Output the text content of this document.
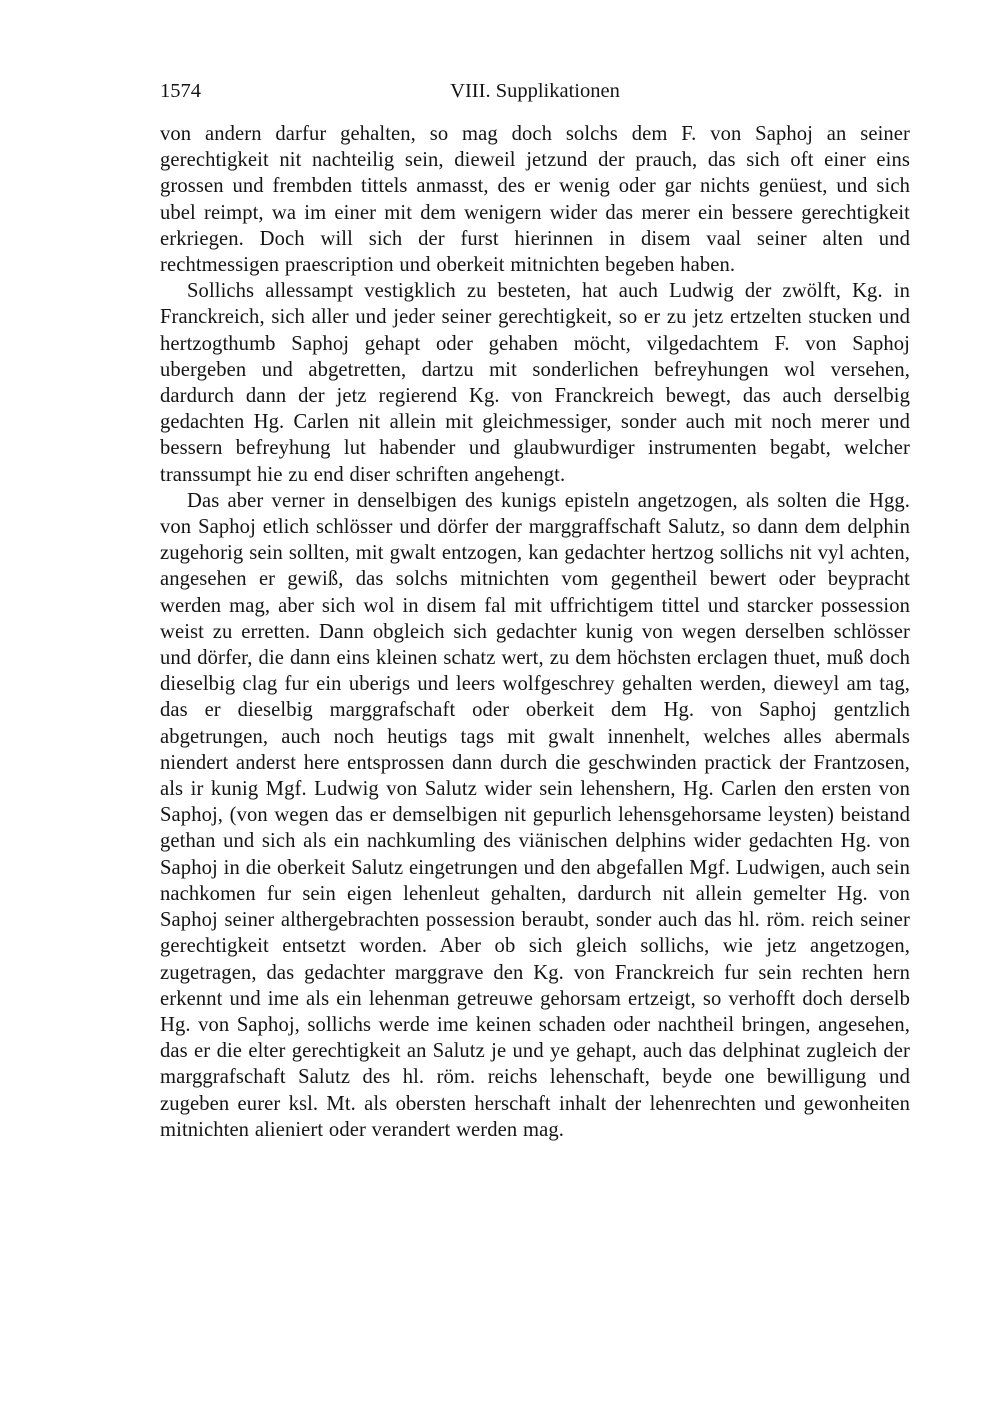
1574	VIII. Supplikationen

von andern darfur gehalten, so mag doch solchs dem F. von Saphoj an seiner gerechtigkeit nit nachteilig sein, dieweil jetzund der prauch, das sich oft einer eins grossen und frembden tittels anmasst, des er wenig oder gar nichts genüest, und sich ubel reimpt, wa im einer mit dem wenigern wider das merer ein bessere gerechtigkeit erkriegen. Doch will sich der furst hierinnen in disem vaal seiner alten und rechtmessigen praescription und oberkeit mitnichten begeben haben.

Sollichs allessampt vestigklich zu besteten, hat auch Ludwig der zwölft, Kg. in Franckreich, sich aller und jeder seiner gerechtigkeit, so er zu jetz ertzelten stucken und hertzogthumb Saphoj gehapt oder gehaben möcht, vilgedachtem F. von Saphoj ubergeben und abgetretten, dartzu mit sonderlichen befreyhungen wol versehen, dardurch dann der jetz regierend Kg. von Franckreich bewegt, das auch derselbig gedachten Hg. Carlen nit allein mit gleichmessiger, sonder auch mit noch merer und bessern befreyhung lut habender und glaubwurdiger instrumenten begabt, welcher transsumpt hie zu end diser schriften angehengt.

Das aber verner in denselbigen des kunigs episteln angetzogen, als solten die Hgg. von Saphoj etlich schlösser und dörfer der marggraffschaft Salutz, so dann dem delphin zugehorig sein sollten, mit gwalt entzogen, kan gedachter hertzog sollichs nit vyl achten, angesehen er gewiß, das solchs mitnichten vom gegentheil bewert oder beypracht werden mag, aber sich wol in disem fal mit uffrichtigem tittel und starcker possession weist zu erretten. Dann obgleich sich gedachter kunig von wegen derselben schlösser und dörfer, die dann eins kleinen schatz wert, zu dem höchsten erclagen thuet, muß doch dieselbig clag fur ein uberigs und leers wolfgeschrey gehalten werden, dieweyl am tag, das er dieselbig marggrafschaft oder oberkeit dem Hg. von Saphoj gentzlich abgetrungen, auch noch heutigs tags mit gwalt innenhelt, welches alles abermals niendert anderst here entsprossen dann durch die geschwinden practick der Frantzosen, als ir kunig Mgf. Ludwig von Salutz wider sein lehenshern, Hg. Carlen den ersten von Saphoj, (von wegen das er demselbigen nit gepurlich lehensgehorsame leysten) beistand gethan und sich als ein nachkumling des viänischen delphins wider gedachten Hg. von Saphoj in die oberkeit Salutz eingetrungen und den abgefallen Mgf. Ludwigen, auch sein nachkomen fur sein eigen lehenleut gehalten, dardurch nit allein gemelter Hg. von Saphoj seiner althergebrachten possession beraubt, sonder auch das hl. röm. reich seiner gerechtigkeit entsetzt worden. Aber ob sich gleich sollichs, wie jetz angetzogen, zugetragen, das gedachter marggrave den Kg. von Franckreich fur sein rechten hern erkennt und ime als ein lehenman getreuwe gehorsam ertzeigt, so verhofft doch derselb Hg. von Saphoj, sollichs werde ime keinen schaden oder nachtheil bringen, angesehen, das er die elter gerechtigkeit an Salutz je und ye gehapt, auch das delphinat zugleich der marggrafschaft Salutz des hl. röm. reichs lehenschaft, beyde one bewilligung und zugeben eurer ksl. Mt. als obersten herschaft inhalt der lehenrechten und gewonheiten mitnichten alieniert oder verandert werden mag.
